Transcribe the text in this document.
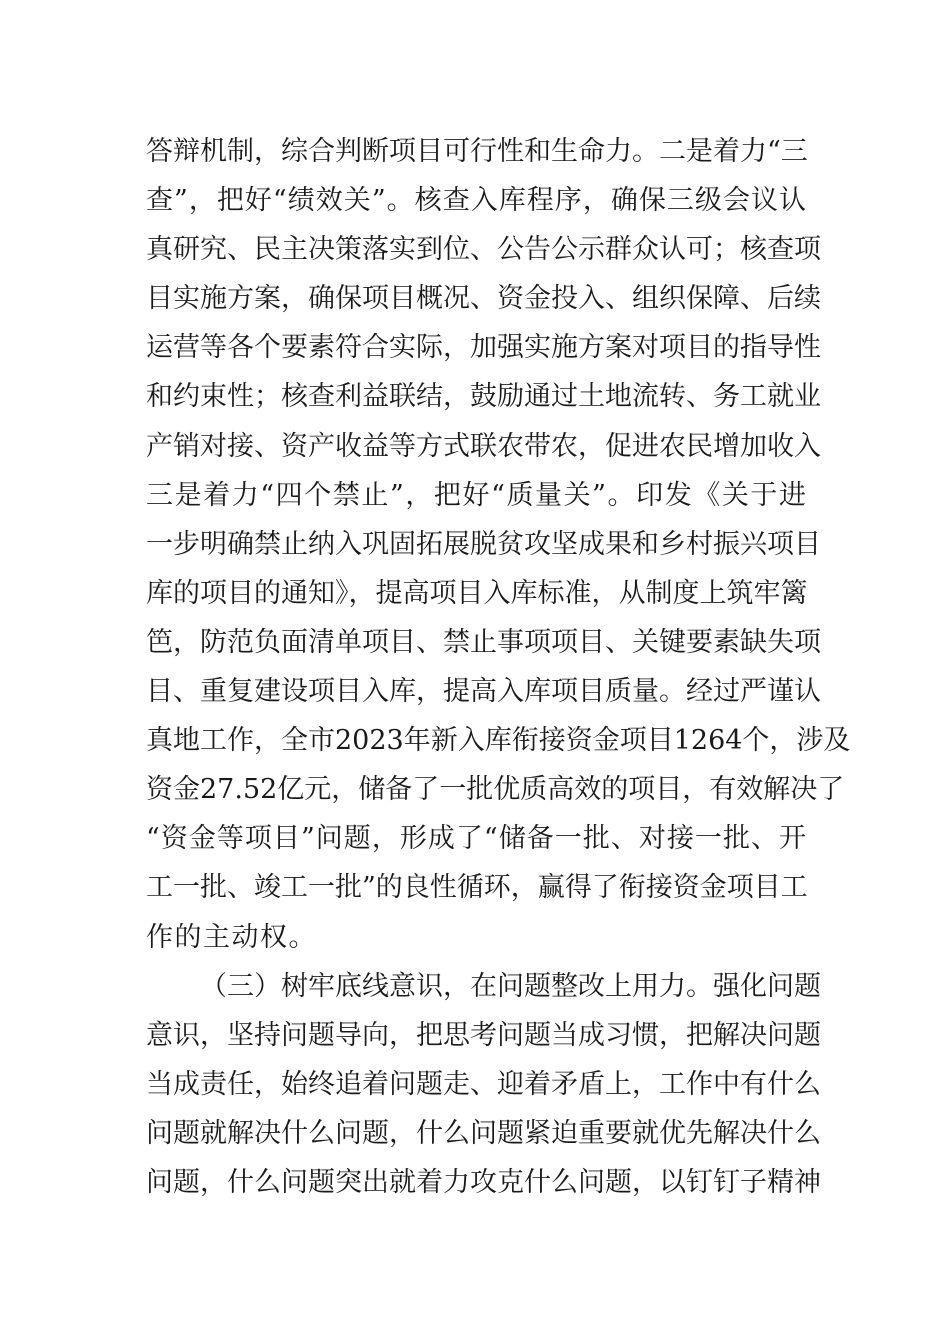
答辩机制，综合判断项目可行性和生命力。二是着力“三
查”，把好“绩效关”。核查入库程序，确保三级会议认
真研究、民主决策落实到位、公告公示群众认可；核查项
目实施方案，确保项目概况、资金投入、组织保障、后续
运营等各个要素符合实际，加强实施方案对项目的指导性
和约束性；核查利益联结，鼓励通过土地流转、务工就业
产销对接、资产收益等方式联农带农，促进农民增加收入
三是着力“四个禁止”，把好“质量关”。印发《关于进
一步明确禁止纳入巩固拓展脱贫攻坚成果和乡村振兴项目
库的项目的通知》，提高项目入库标准，从制度上筑牢篱
笆，防范负面清单项目、禁止事项项目、关键要素缺失项
目、重复建设项目入库，提高入库项目质量。经过严谨认
真地工作，全市2023年新入库衔接资金项目1264个，涉及
资金27.52亿元，储备了一批优质高效的项目，有效解决了
“资金等项目”问题，形成了“储备一批、对接一批、开
工一批、竣工一批”的良性循环，赢得了衔接资金项目工
作的主动权。
（三）树牢底线意识，在问题整改上用力。强化问题
意识，坚持问题导向，把思考问题当成习惯，把解决问题
当成责任，始终追着问题走、迎着矛盾上，工作中有什么
问题就解决什么问题，什么问题紧迫重要就优先解决什么
问题，什么问题突出就着力攻克什么问题，以钉钉子精神
